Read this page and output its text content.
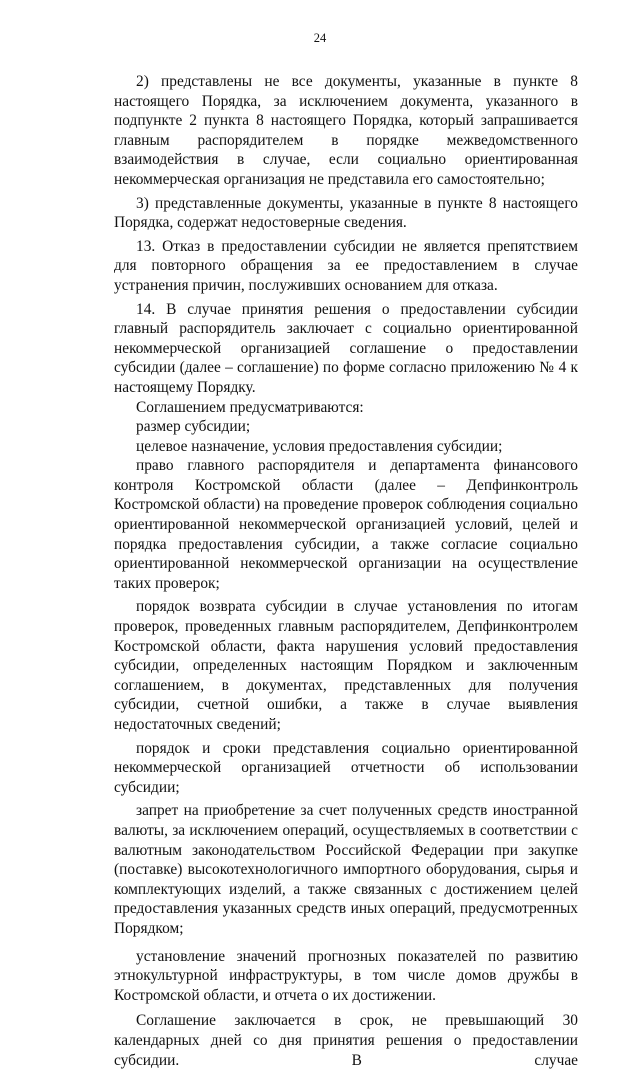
24

2) представлены не все документы, указанные в пункте 8 настоящего Порядка, за исключением документа, указанного в подпункте 2 пункта 8 настоящего Порядка, который запрашивается главным распорядителем в порядке межведомственного взаимодействия в случае, если социально ориентированная некоммерческая организация не представила его самостоятельно;

3) представленные документы, указанные в пункте 8 настоящего Порядка, содержат недостоверные сведения.

13. Отказ в предоставлении субсидии не является препятствием для повторного обращения за ее предоставлением в случае устранения причин, послуживших основанием для отказа.

14. В случае принятия решения о предоставлении субсидии главный распорядитель заключает с социально ориентированной некоммерческой организацией соглашение о предоставлении субсидии (далее – соглашение) по форме согласно приложению № 4 к настоящему Порядку.

Соглашением предусматриваются:

размер субсидии;

целевое назначение, условия предоставления субсидии;

право главного распорядителя и департамента финансового контроля Костромской области (далее – Депфинконтроль Костромской области) на проведение проверок соблюдения социально ориентированной некоммерческой организацией условий, целей и порядка предоставления субсидии, а также согласие социально ориентированной некоммерческой организации на осуществление таких проверок;

порядок возврата субсидии в случае установления по итогам проверок, проведенных главным распорядителем, Депфинконтролем Костромской области, факта нарушения условий предоставления субсидии, определенных настоящим Порядком и заключенным соглашением, в документах, представленных для получения субсидии, счетной ошибки, а также в случае выявления недостаточных сведений;

порядок и сроки представления социально ориентированной некоммерческой организацией отчетности об использовании субсидии;

запрет на приобретение за счет полученных средств иностранной валюты, за исключением операций, осуществляемых в соответствии с валютным законодательством Российской Федерации при закупке (поставке) высокотехнологичного импортного оборудования, сырья и комплектующих изделий, а также связанных с достижением целей предоставления указанных средств иных операций, предусмотренных Порядком;

установление значений прогнозных показателей по развитию этнокультурной инфраструктуры, в том числе домов дружбы в Костромской области, и отчета о их достижении.

Соглашение заключается в срок, не превышающий 30 календарных дней со дня принятия решения о предоставлении субсидии. В случае
